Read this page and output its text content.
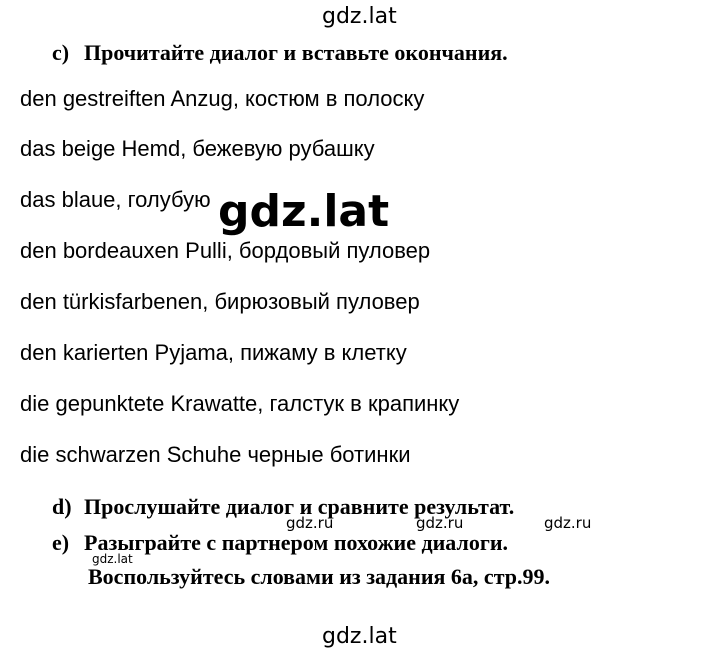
gdz.lat
c) Прочитайте диалог и вставьте окончания.
den gestreiften Anzug, костюм в полоску
das beige Hemd, бежевую рубашку
das blaue, голубую
den bordeauxen Pulli, бордовый пуловер
den türkisfarbenen, бирюзовый пуловер
den karierten Pyjama, пижаму в клетку
die gepunktete Krawatte, галстук в крапинку
die schwarzen Schuhe черные ботинки
gdz.lat
d) Прослушайте диалог и сравните результат.
gdz.ru	gdz.ru	gdz.ru
e) Разыграйте с партнером похожие диалоги.
gdz.lat
Воспользуйтесь словами из задания 6а, стр.99.
gdz.lat
